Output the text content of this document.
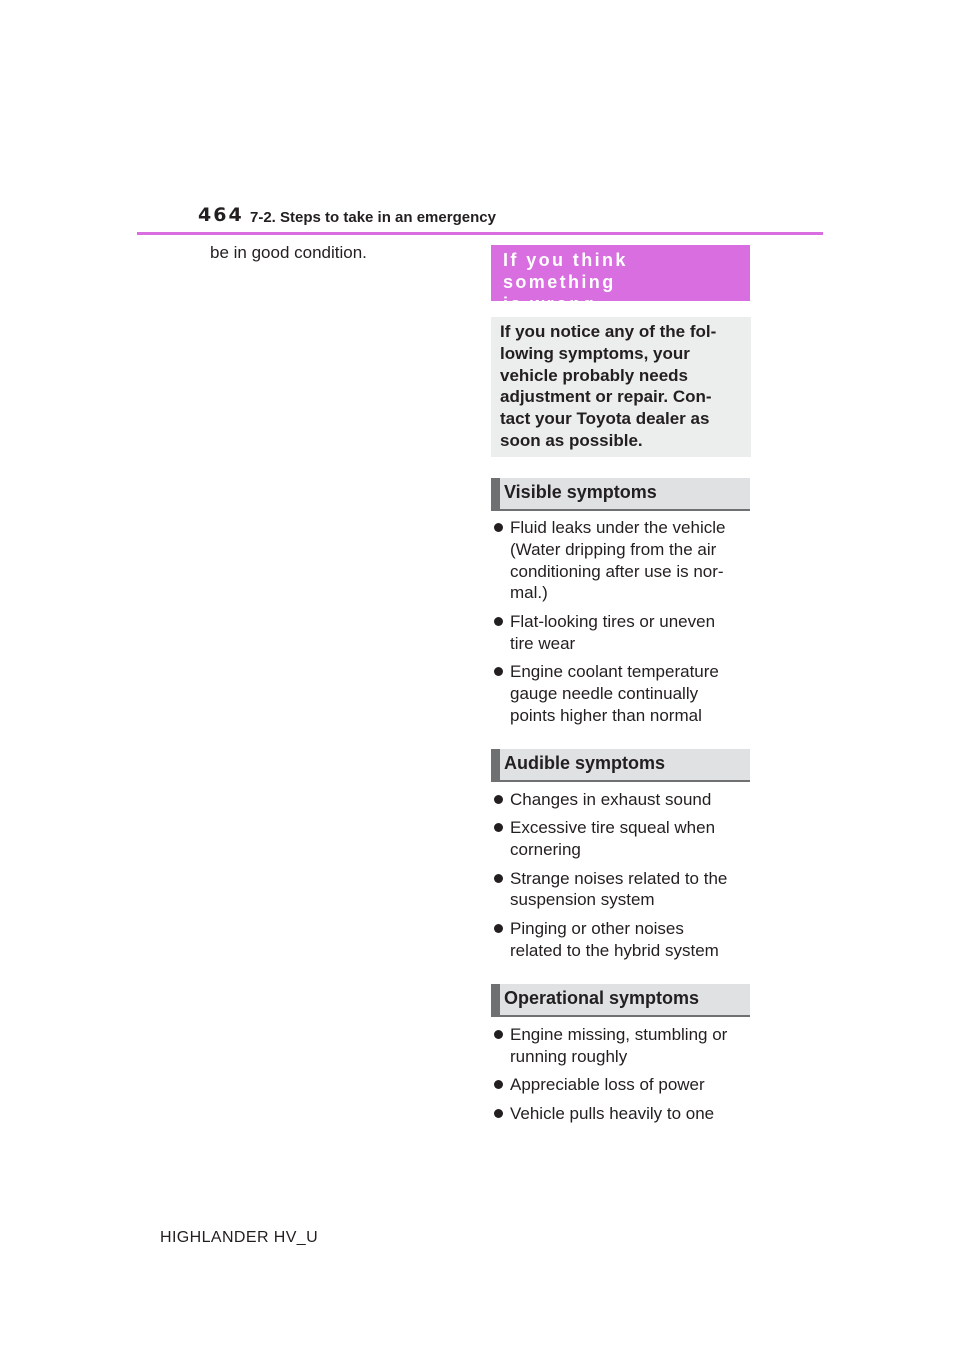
464 7-2. Steps to take in an emergency
be in good condition.	If you think something
is wrong
If you notice any of the fol-
lowing symptoms, your
vehicle probably needs
adjustment or repair. Con-
tact your Toyota dealer as
soon as possible.
Visible symptoms
Fluid leaks under the vehicle
(Water dripping from the air
conditioning after use is nor-
mal.)
Flat-looking tires or uneven
tire wear
Engine coolant temperature
gauge needle continually
points higher than normal
Audible symptoms
Changes in exhaust sound
Excessive tire squeal when
cornering
Strange noises related to the
suspension system
Pinging or other noises
related to the hybrid system
Operational symptoms
Engine missing, stumbling or
running roughly
Appreciable loss of power
Vehicle pulls heavily to one
HIGHLANDER HV_U
